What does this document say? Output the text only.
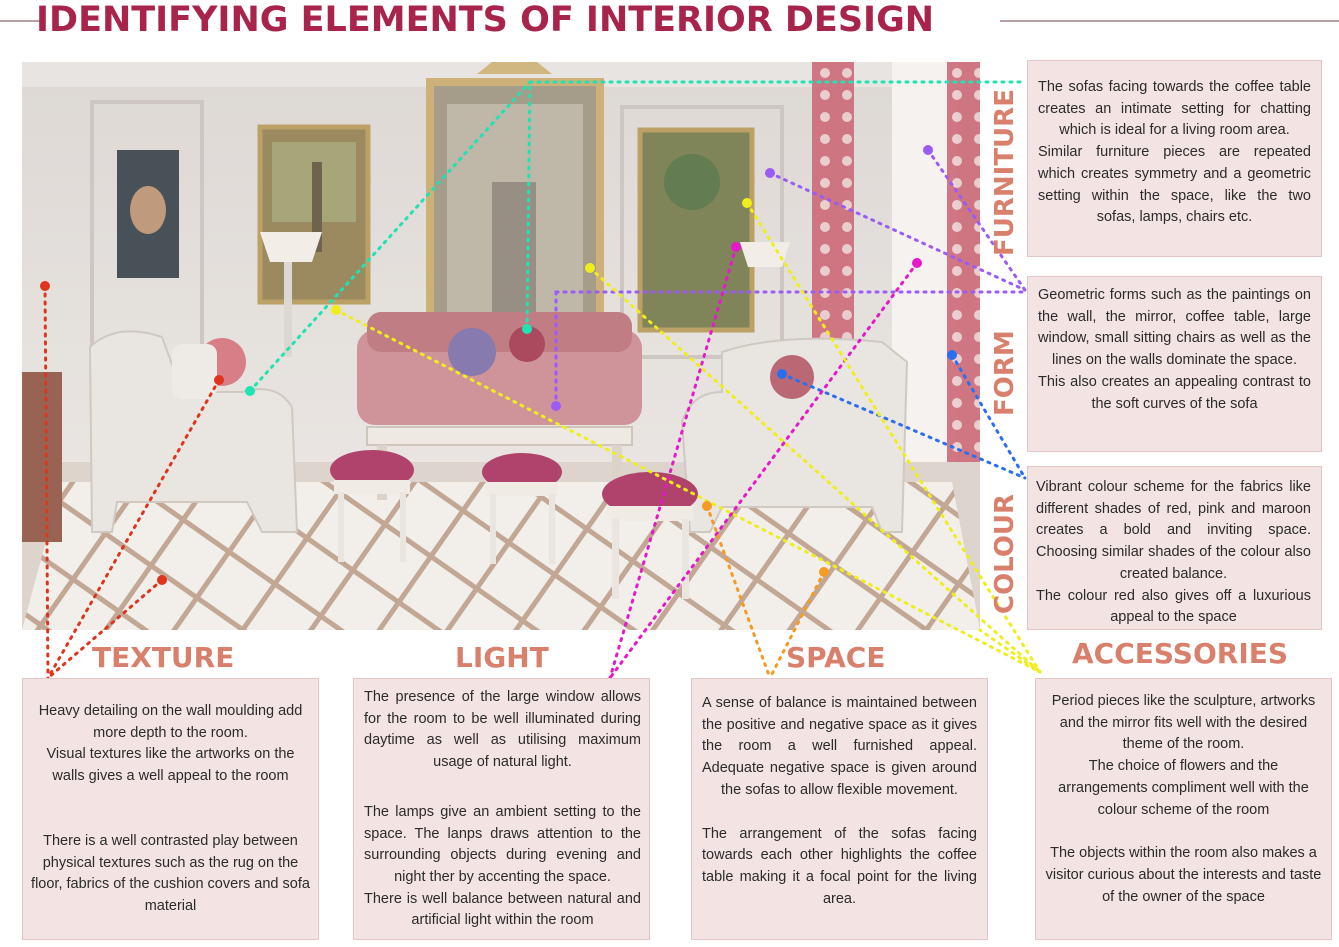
IDENTIFYING ELEMENTS OF INTERIOR DESIGN
FURNITURE
FORM
COLOUR

The sofas facing towards the coffee table creates an intimate setting for chatting which is ideal for a living room area.

Similar furniture pieces are repeated which creates symmetry and a geometric setting within the space, like the two sofas, lamps, chairs etc.

Geometric forms such as the paintings on the wall, the mirror, coffee table, large window, small sitting chairs as well as the lines on the walls dominate the space.

This also creates an appealing contrast to the soft curves of the sofa

Vibrant colour scheme for the fabrics like different shades of red, pink and maroon creates a bold and inviting space. Choosing similar shades of the colour also created balance.

The colour red also gives off a luxurious appeal to the space

TEXTURE	LIGHT	SPACE	ACCESSORIES

Heavy detailing on the wall moulding add more depth to the room.

Visual textures like the artworks on the walls gives a well appeal to the room

There is a well contrasted play between physical textures such as the rug on the floor, fabrics of the cushion covers and sofa material

The presence of the large window allows for the room to be well illuminated during daytime as well as utilising maximum usage of natural light.

The lamps give an ambient setting to the space. The lanps draws attention to the surrounding objects during evening and night ther by accenting the space.

There is well balance between natural and artificial light within the room

A sense of balance is maintained between the positive and negative space as it gives the room a well furnished appeal. Adequate negative space is given around the sofas to allow flexible movement.

The arrangement of the sofas facing towards each other highlights the coffee table making it a focal point for the living area.

Period pieces like the sculpture, artworks and the mirror fits well with the desired theme of the room.

The choice of flowers and the arrangements compliment well with the colour scheme of the room

The objects within the room also makes a visitor curious about the interests and taste of the owner of the space
